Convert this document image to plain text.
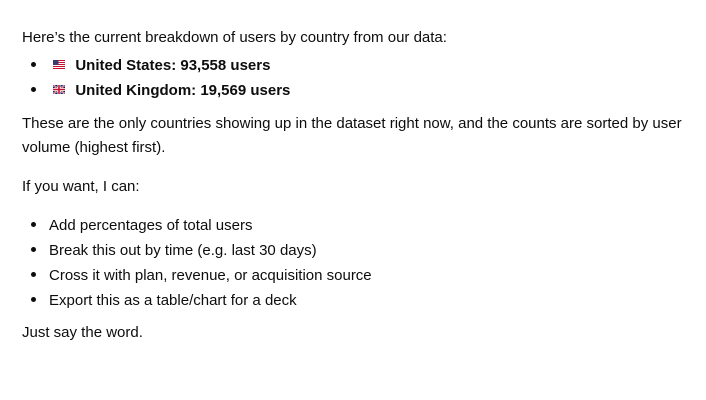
Here’s the current breakdown of users by country from our data:
United States: 93,558 users
United Kingdom: 19,569 users
These are the only countries showing up in the dataset right now, and the counts are sorted by user
volume (highest first).
If you want, I can:
Add percentages of total users
Break this out by time (e.g. last 30 days)
Cross it with plan, revenue, or acquisition source
Export this as a table/chart for a deck
Just say the word.
